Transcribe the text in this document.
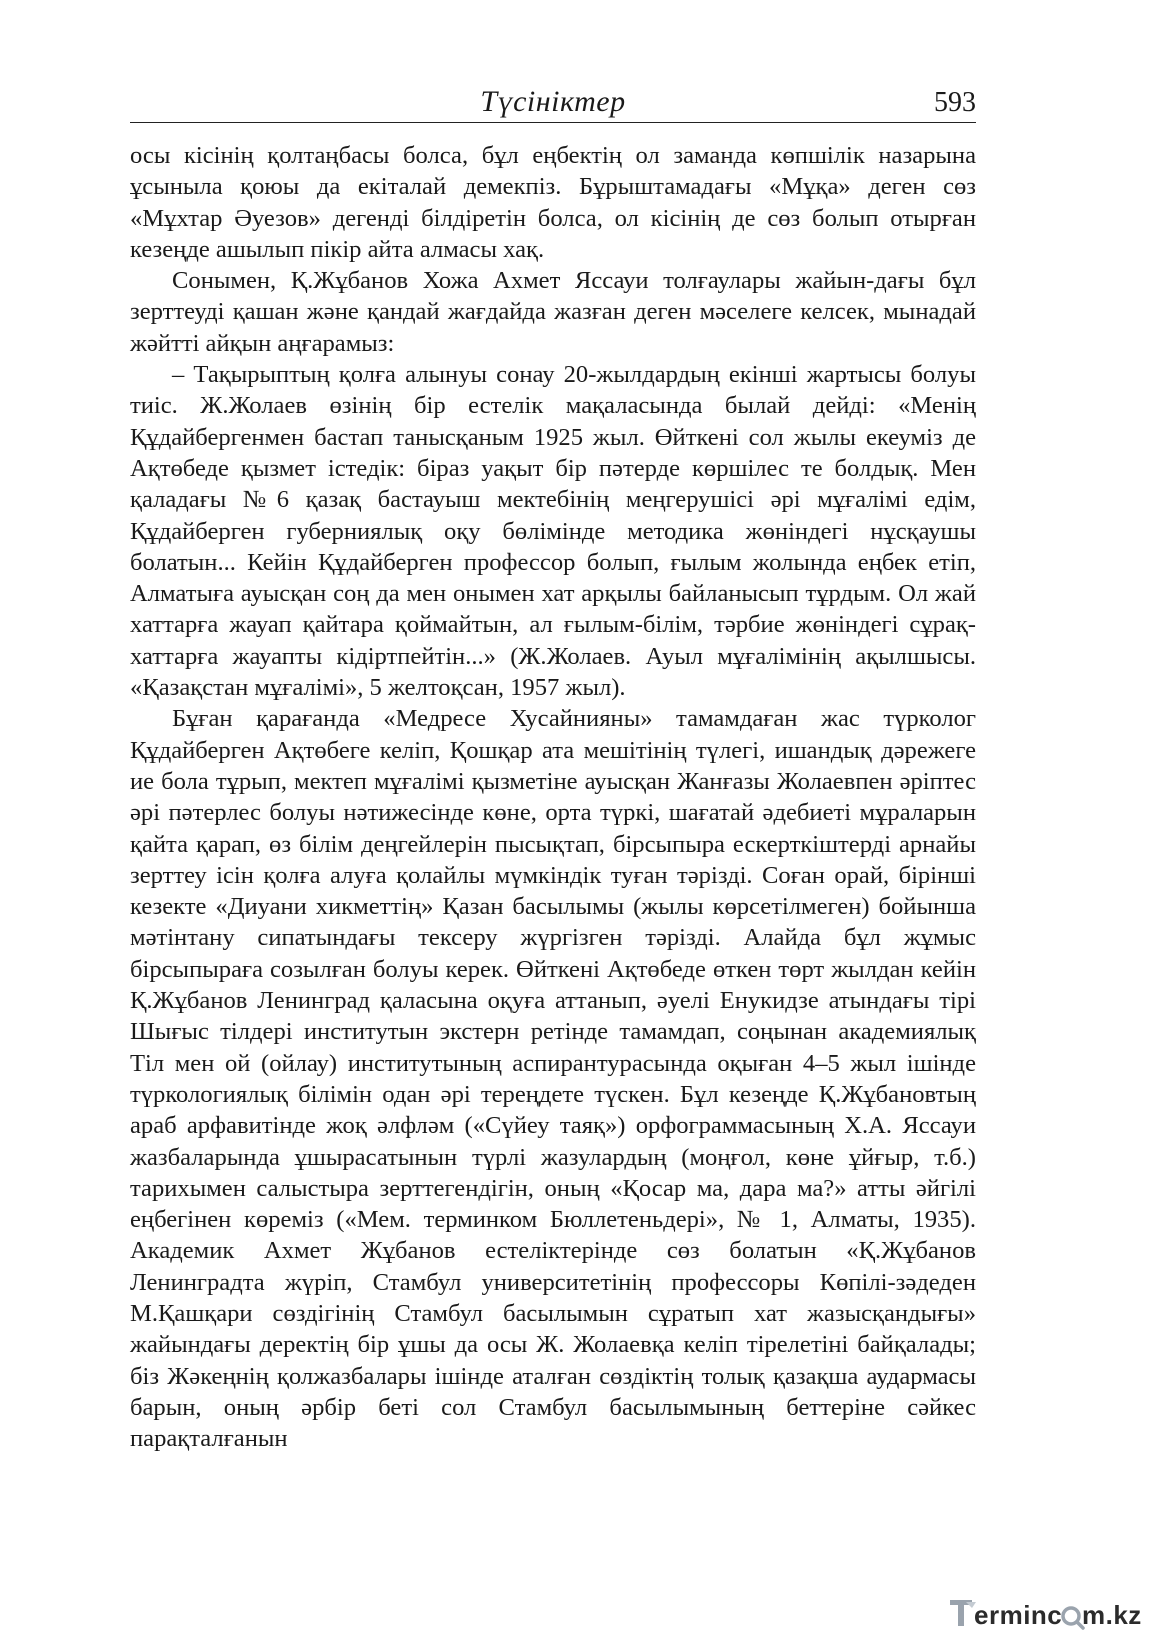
Түсініктер	593

осы кісінің қолтаңбасы болса, бұл еңбектің ол заманда көпшілік назарына ұсынылa қоюы да екіталай демекпіз. Бұрыштамадағы «Мұқа» деген сөз «Мұхтар Әуезов» дегенді білдіретін болса, ол кісінің де сөз болып отырған кезеңде ашылып пікір айта алмасы хақ.

Сонымен, Қ.Жұбанов Хожа Ахмет Яссауи толғаулары жайын-дағы бұл зерттеуді қашан және қандай жағдайда жазған деген мәселеге келсек, мынадай жәйтті айқын аңғарамыз:

– Тақырыптың қолға алынуы сонау 20-жылдардың екінші жартысы болуы тиіс. Ж.Жолаев өзінің бір естелік мақаласында былай дейді: «Менің Құдайбергенмен бастап танысқаным 1925 жыл. Өйткені сол жылы екеуміз де Ақтөбеде қызмет істедік: біраз уақыт бір пәтерде көршілес те болдық. Мен қаладағы №6 қазақ бастауыш мектебінің меңгерушісі әрі мұғалімі едім, Құдайберген губерниялық оқу бөлімінде методика жөніндегі нұсқаушы болатын... Кейін Құдайберген профессор болып, ғылым жолында еңбек етіп, Алматыға ауысқан соң да мен онымен хат арқылы байланысып тұрдым. Ол жай хаттарға жауап қайтара қоймайтын, ал ғылым-білім, тәрбие жөніндегі сұрақ-хаттарға жауапты кідіртпейтін...» (Ж.Жолаев. Ауыл мұғалімінің ақылшысы. «Қазақстан мұғалімі», 5 желтоқсан, 1957 жыл).

Бұған қарағанда «Медресе Хусайнияны» тамамдаған жас түрколог Құдайберген Ақтөбеге келіп, Қошқар ата мешітінің түлегі, ишандық дәрежеге ие бола тұрып, мектеп мұғалімі қызметіне ауысқан Жанғазы Жолаевпен әріптес әрі пәтерлес болуы нәтижесінде көне, орта түркі, шағатай әдебиеті мұраларын қайта қарап, өз білім деңгейлерін пысықтап, бірсыпыра ескерткіштерді арнайы зерттеу ісін қолға алуға қолайлы мүмкіндік туған тәрізді. Соған орай, бірінші кезекте «Диуани хикметтің» Қазан басылымы (жылы көрсетілмеген) бойынша мәтінтану сипатындағы тексеру жүргізген тәрізді. Алайда бұл жұмыс бірсыпыраға созылған болуы керек. Өйткені Ақтөбеде өткен төрт жылдан кейін Қ.Жұбанов Ленинград қаласына оқуға аттанып, әуелі Енукидзе атындағы тірі Шығыс тілдері институтын экстерн ретінде тамамдап, соңынан академиялық Тіл мен ой (ойлау) институтының аспирантурасында оқыған 4–5 жыл ішінде түркологиялық білімін одан әрі тереңдете түскен. Бұл кезеңде Қ.Жұбановтың араб арфавитінде жоқ әлфләм («Сүйеу таяқ») орфограммасының Х.А. Яссауи жазбаларында ұшырасатынын түрлі жазулардың (моңғол, көне ұйғыр, т.б.) тарихымен салыстыра зерттегендігін, оның «Қосар ма, дара ма?» атты әйгілі еңбегінен көреміз («Мем. терминком Бюллетеньдері», № 1, Алматы, 1935). Академик Ахмет Жұбанов естеліктерінде сөз болатын «Қ.Жұбанов Ленинградта жүріп, Стамбул университетінің профессоры Көпілі-зәдеден М.Қашқари сөздігінің Стамбул басылымын сұратып хат жазысқандығы» жайындағы деректің бір ұшы да осы Ж. Жолаевқа келіп тірелетіні байқалады; біз Жәкеңнің қолжазбалары ішінде аталған сөздіктің толық қазақша аудармасы барын, оның әрбір беті сол Стамбул басылымының беттеріне сәйкес парақталғанын

erminc m.kz
